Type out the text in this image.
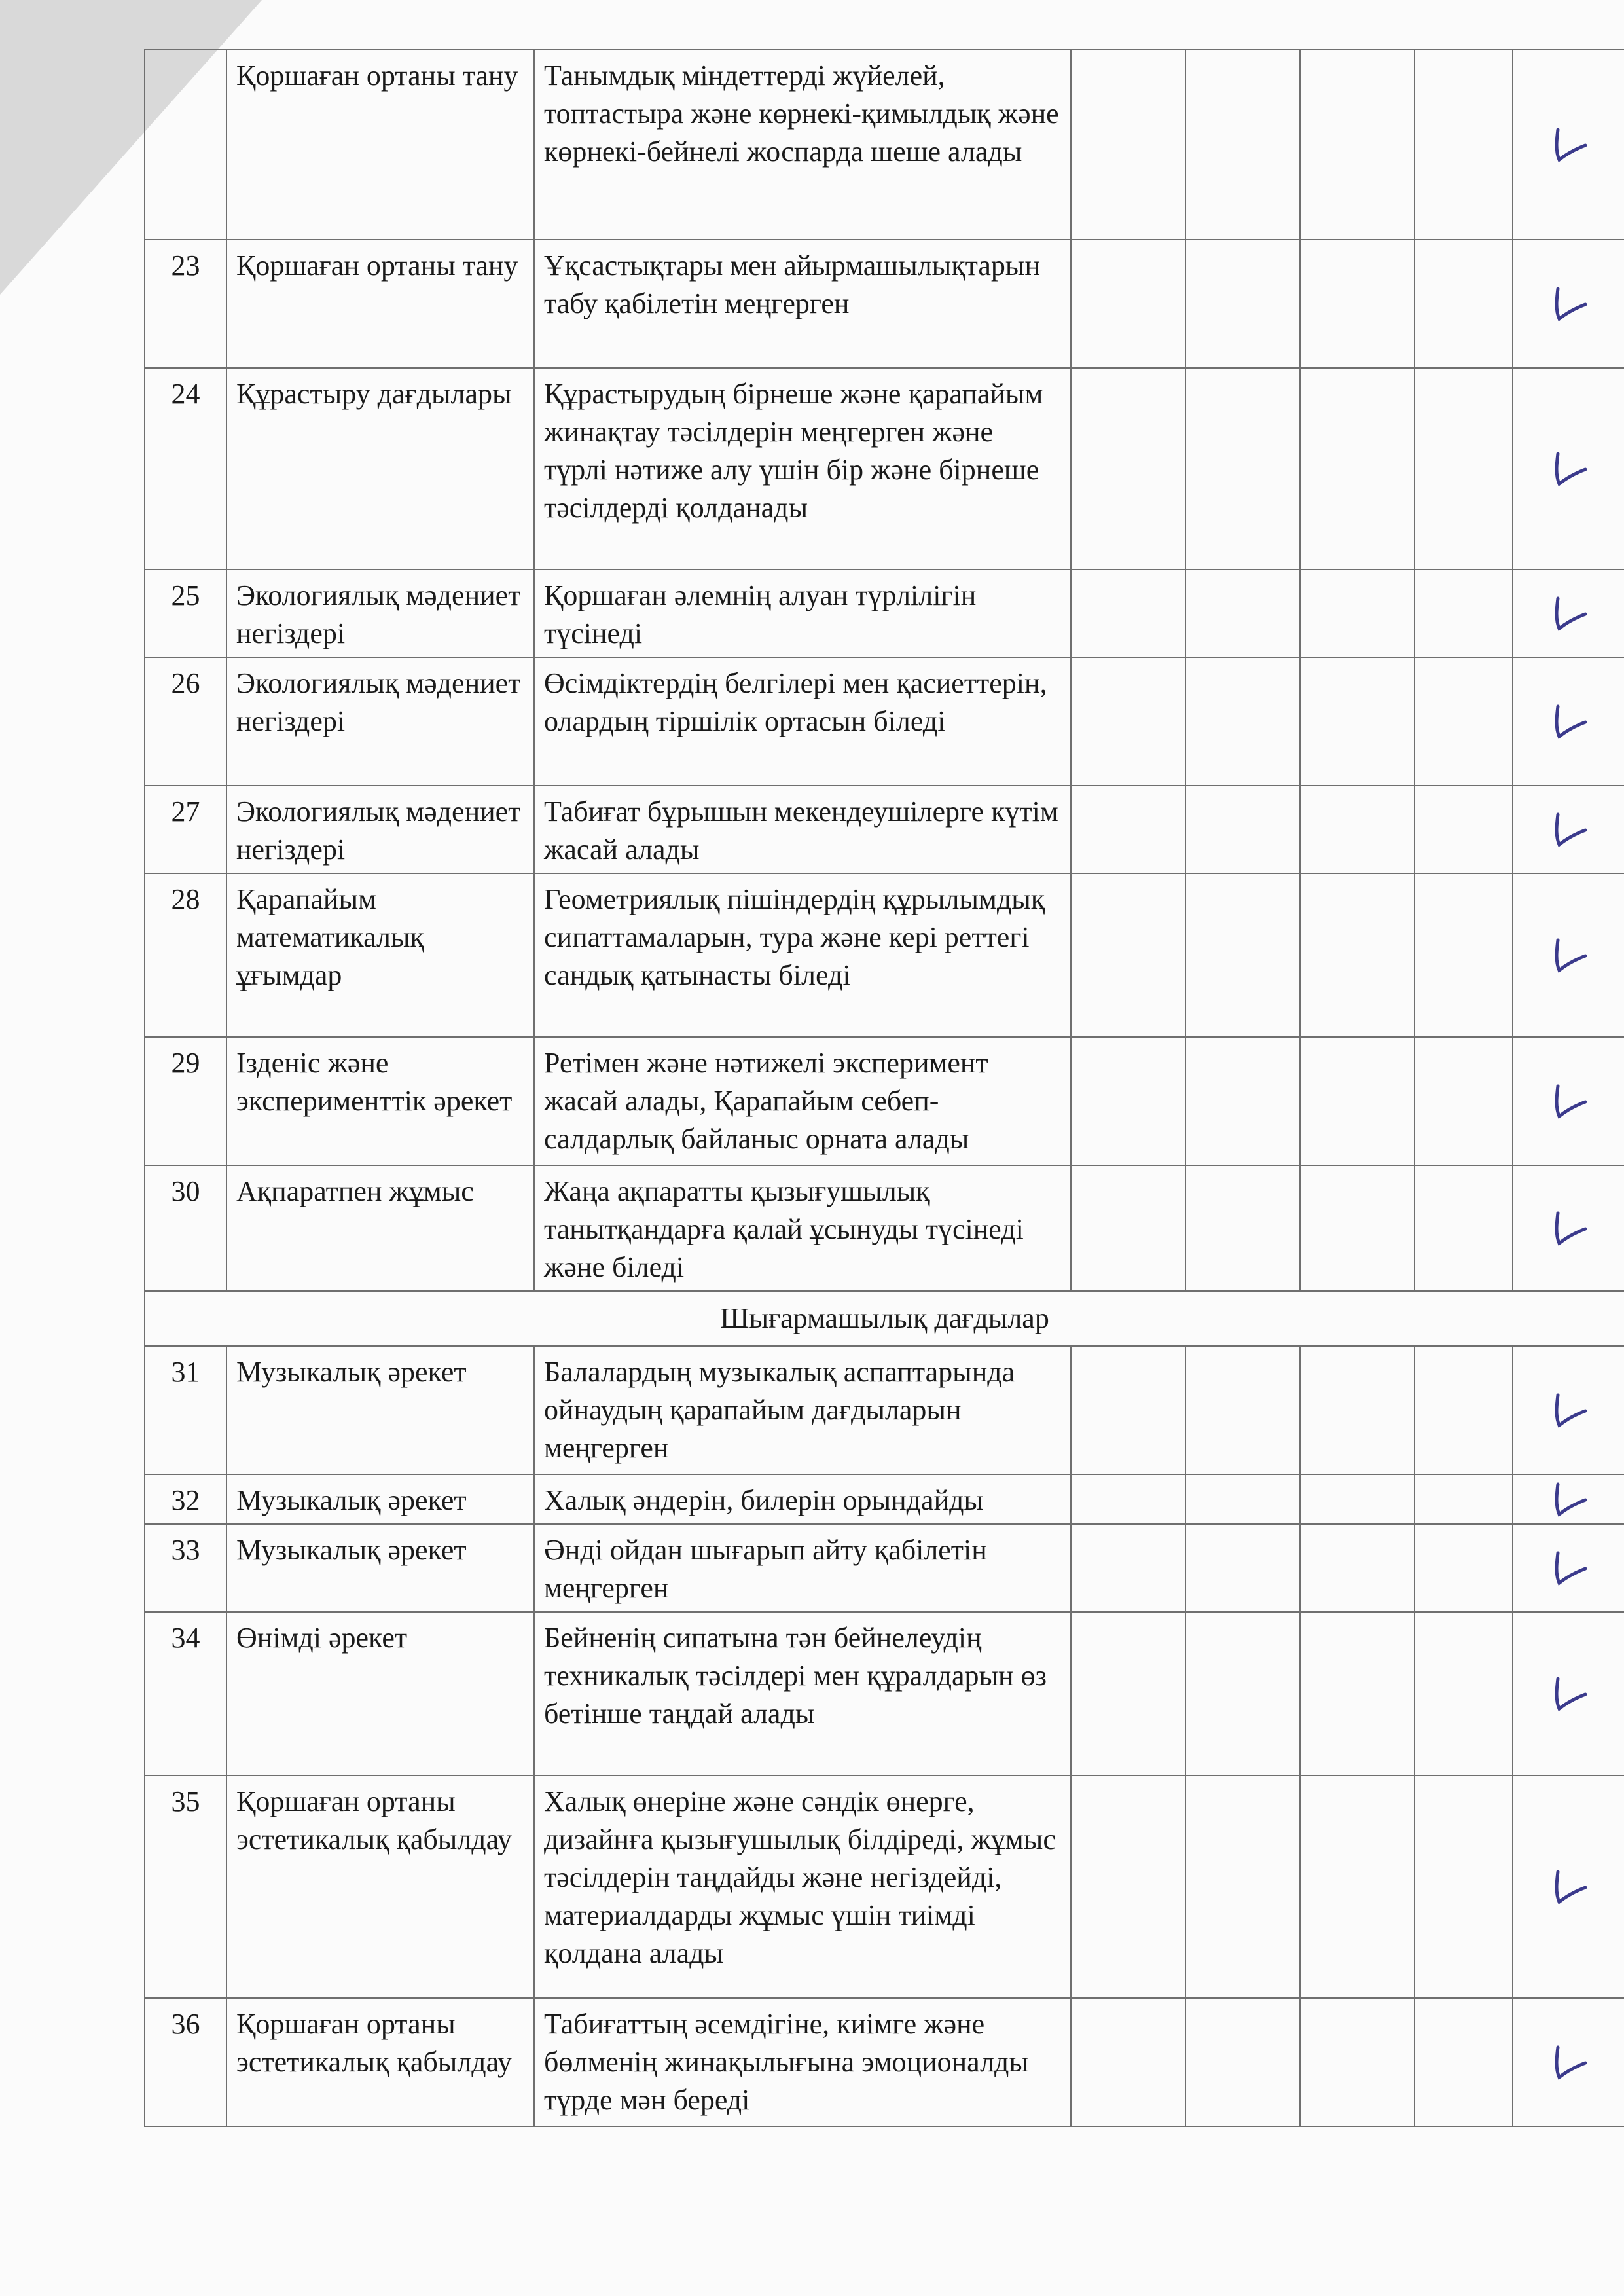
	Қоршаған ортаны тану	Танымдық міндеттерді жүйелей, топтастыра және көрнекі-қимылдық және көрнекі-бейнелі жоспарда шеше алады					

23	Қоршаған ортаны тану	Ұқсастықтары мен айырмашылықтарын табу қабілетін меңгерген					

24	Құрастыру дағдылары	Құрастырудың бірнеше және қарапайым жинақтау тәсілдерін меңгерген және түрлі нәтиже алу үшін бір және бірнеше тәсілдерді қолданады					

25	Экологиялық мәдениет негіздері	Қоршаған әлемнің алуан түрлілігін түсінеді					

26	Экологиялық мәдениет негіздері	Өсімдіктердің белгілері мен қасиеттерін, олардың тіршілік ортасын біледі					

27	Экологиялық мәдениет негіздері	Табиғат бұрышын мекендеушілерге күтім жасай алады					

28	Қарапайым математикалық ұғымдар	Геометриялық пішіндердің құрылымдық сипаттамаларын, тура және кері реттегі сандық қатынасты біледі					

29	Ізденіс және эксперименттік әрекет	Ретімен және нәтижелі эксперимент жасай алады, Қарапайым себеп-салдарлық байланыс орната алады					

30	Ақпаратпен жұмыс	Жаңа ақпаратты қызығушылық танытқандарға қалай ұсынуды түсінеді және біледі					

Шығармашылық дағдылар							
31	Музыкалық әрекет	Балалардың музыкалық аспаптарында ойнаудың қарапайым дағдыларын меңгерген					

32	Музыкалық әрекет	Халық әндерін, билерін орындайды					

33	Музыкалық әрекет	Әнді ойдан шығарып айту қабілетін меңгерген					

34	Өнімді әрекет	Бейненің сипатына тән бейнелеудің техникалық тәсілдері мен құралдарын өз бетінше таңдай алады					

35	Қоршаған ортаны эстетикалық қабылдау	Халық өнеріне және сәндік өнерге, дизайнға қызығушылық білдіреді, жұмыс тәсілдерін таңдайды және негіздейді, материалдарды жұмыс үшін тиімді қолдана алады					

36	Қоршаған ортаны эстетикалық қабылдау	Табиғаттың әсемдігіне, киімге және бөлменің жинақылығына эмоционалды түрде мән береді					
